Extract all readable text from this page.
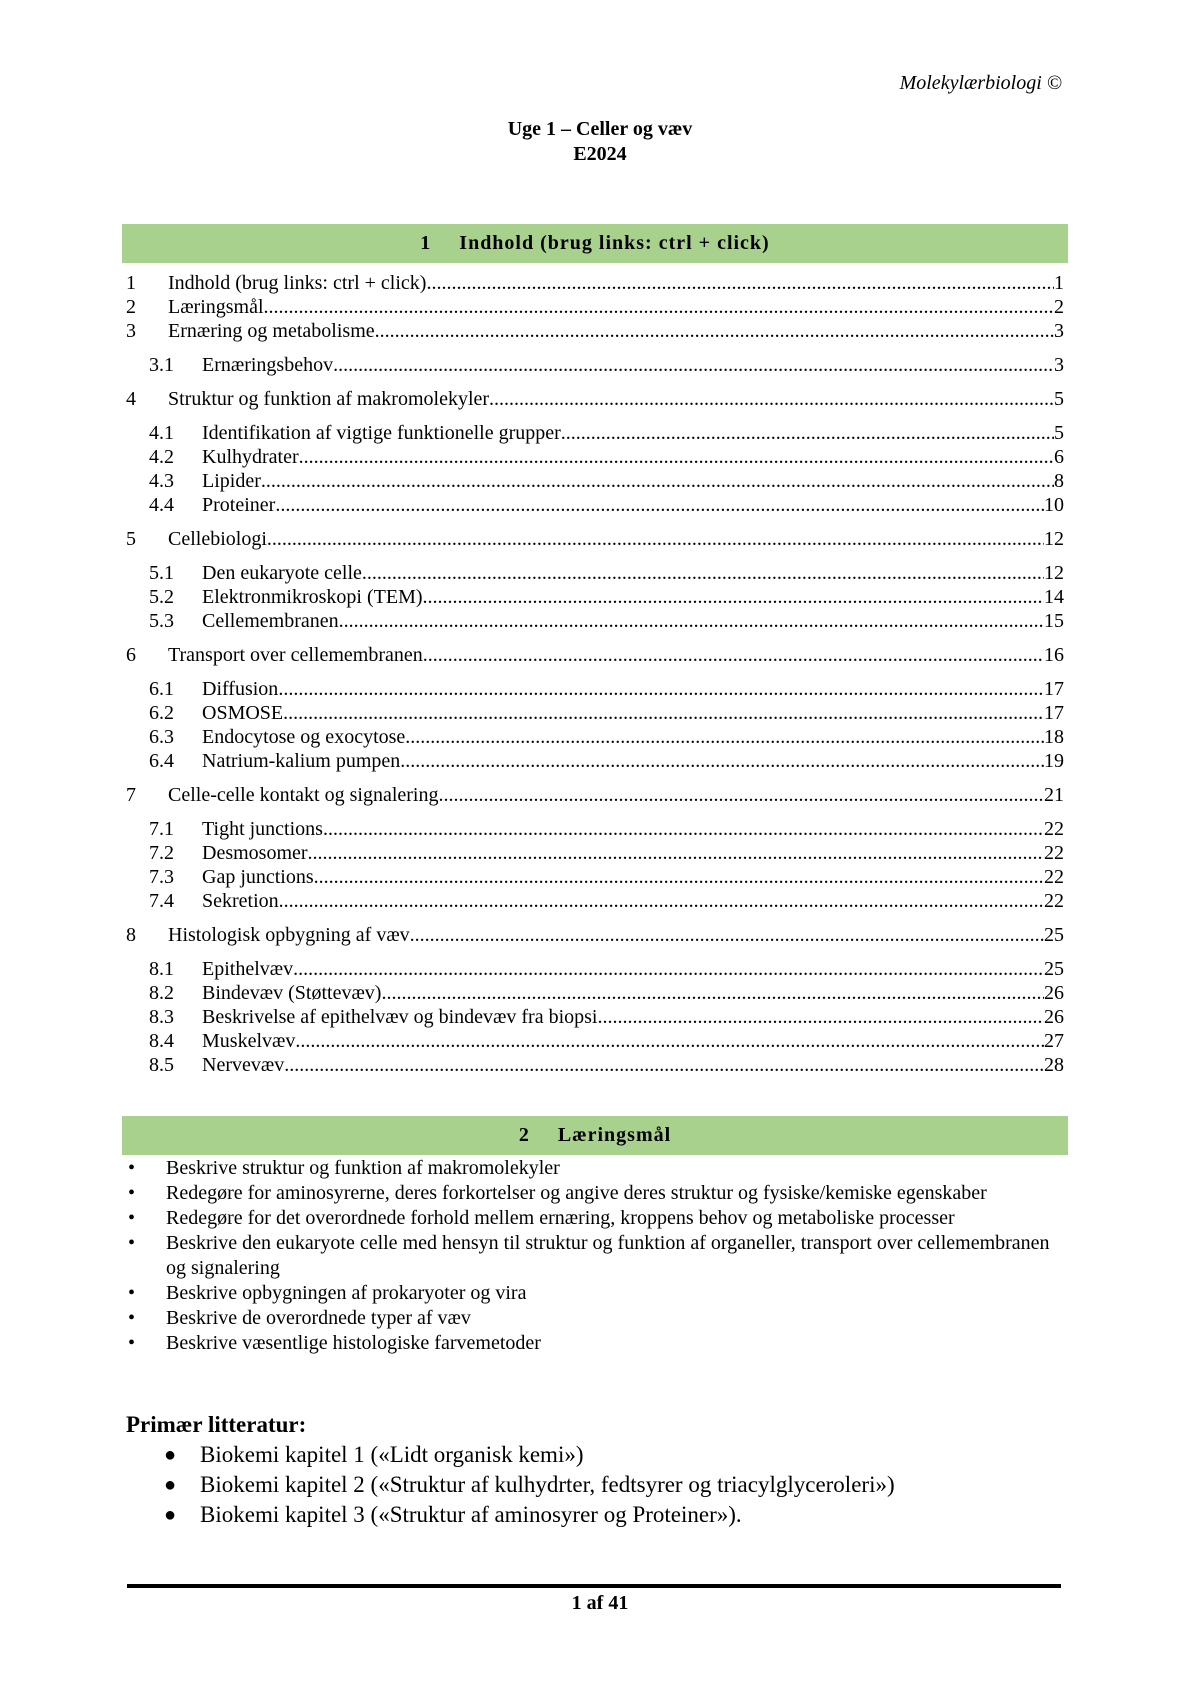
Molekylærbiologi ©
Uge 1 – Celler og væv
E2024
1 Indhold (brug links: ctrl + click)
1 Indhold (brug links: ctrl + click) .....	1
2 Læringsmål .....	2
3 Ernæring og metabolisme .....	3
3.1 Ernæringsbehov .....	3
4 Struktur og funktion af makromolekyler .....	5
4.1 Identifikation af vigtige funktionelle grupper .....	5
4.2 Kulhydrater .....	6
4.3 Lipider .....	8
4.4 Proteiner .....	10
5 Cellebiologi .....	12
5.1 Den eukaryote celle .....	12
5.2 Elektronmikroskopi (TEM) .....	14
5.3 Cellemembranen .....	15
6 Transport over cellemembranen .....	16
6.1 Diffusion .....	17
6.2 OSMOSE .....	17
6.3 Endocytose og exocytose .....	18
6.4 Natrium-kalium pumpen .....	19
7 Celle-celle kontakt og signalering .....	21
7.1 Tight junctions .....	22
7.2 Desmosomer .....	22
7.3 Gap junctions .....	22
7.4 Sekretion .....	22
8 Histologisk opbygning af væv .....	25
8.1 Epithelvæv .....	25
8.2 Bindevæv (Støttevæv) .....	26
8.3 Beskrivelse af epithelvæv og bindevæv fra biopsi .....	26
8.4 Muskelvæv .....	27
8.5 Nervevæv .....	28
2 Læringsmål
• Beskrive struktur og funktion af makromolekyler
• Redegøre for aminosyrerne, deres forkortelser og angive deres struktur og fysiske/kemiske egenskaber
• Redegøre for det overordnede forhold mellem ernæring, kroppens behov og metaboliske processer
• Beskrive den eukaryote celle med hensyn til struktur og funktion af organeller, transport over cellemembranen og signalering
• Beskrive opbygningen af prokaryoter og vira
• Beskrive de overordnede typer af væv
• Beskrive væsentlige histologiske farvemetoder
Primær litteratur:
● Biokemi kapitel 1 («Lidt organisk kemi»)
● Biokemi kapitel 2 («Struktur af kulhydrter, fedtsyrer og triacylglyceroleri»)
● Biokemi kapitel 3 («Struktur af aminosyrer og Proteiner»).
1 af 41
